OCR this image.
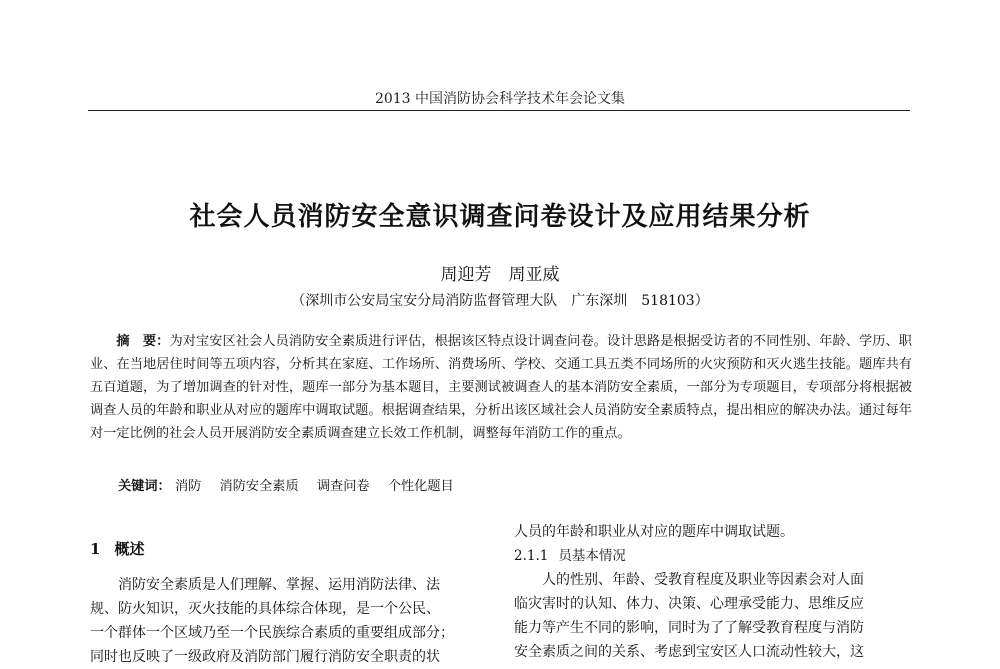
2013 中国消防协会科学技术年会论文集
社会人员消防安全意识调查问卷设计及应用结果分析
周迎芳　周亚威
（深圳市公安局宝安分局消防监督管理大队　广东深圳　518103）
摘　要：为对宝安区社会人员消防安全素质进行评估，根据该区特点设计调查问卷。设计思路是根据受访者的不同性别、年龄、学历、职业、在当地居住时间等五项内容，分析其在家庭、工作场所、消费场所、学校、交通工具五类不同场所的火灾预防和灭火逃生技能。题库共有五百道题，为了增加调查的针对性，题库一部分为基本题目，主要测试被调查人的基本消防安全素质，一部分为专项题目，专项部分将根据被调查人员的年龄和职业从对应的题库中调取试题。根据调查结果，分析出该区域社会人员消防安全素质特点，提出相应的解决办法。通过每年对一定比例的社会人员开展消防安全素质调查建立长效工作机制，调整每年消防工作的重点。
关键词： 消防 消防安全素质 调查问卷 个性化题目
1 概述

消防安全素质是人们理解、掌握、运用消防法律、法

规、防火知识，灭火技能的具体综合体现，是一个公民、

一个群体一个区域乃至一个民族综合素质的重要组成部分；

同时也反映了一级政府及消防部门履行消防安全职责的状

人员的年龄和职业从对应的题库中调取试题。

2.1.1 员基本情况

人的性别、年龄、受教育程度及职业等因素会对人面

临灾害时的认知、体力、决策、心理承受能力、思维反应

能力等产生不同的影响，同时为了了解受教育程度与消防

安全素质之间的关系、考虑到宝安区人口流动性较大，这
